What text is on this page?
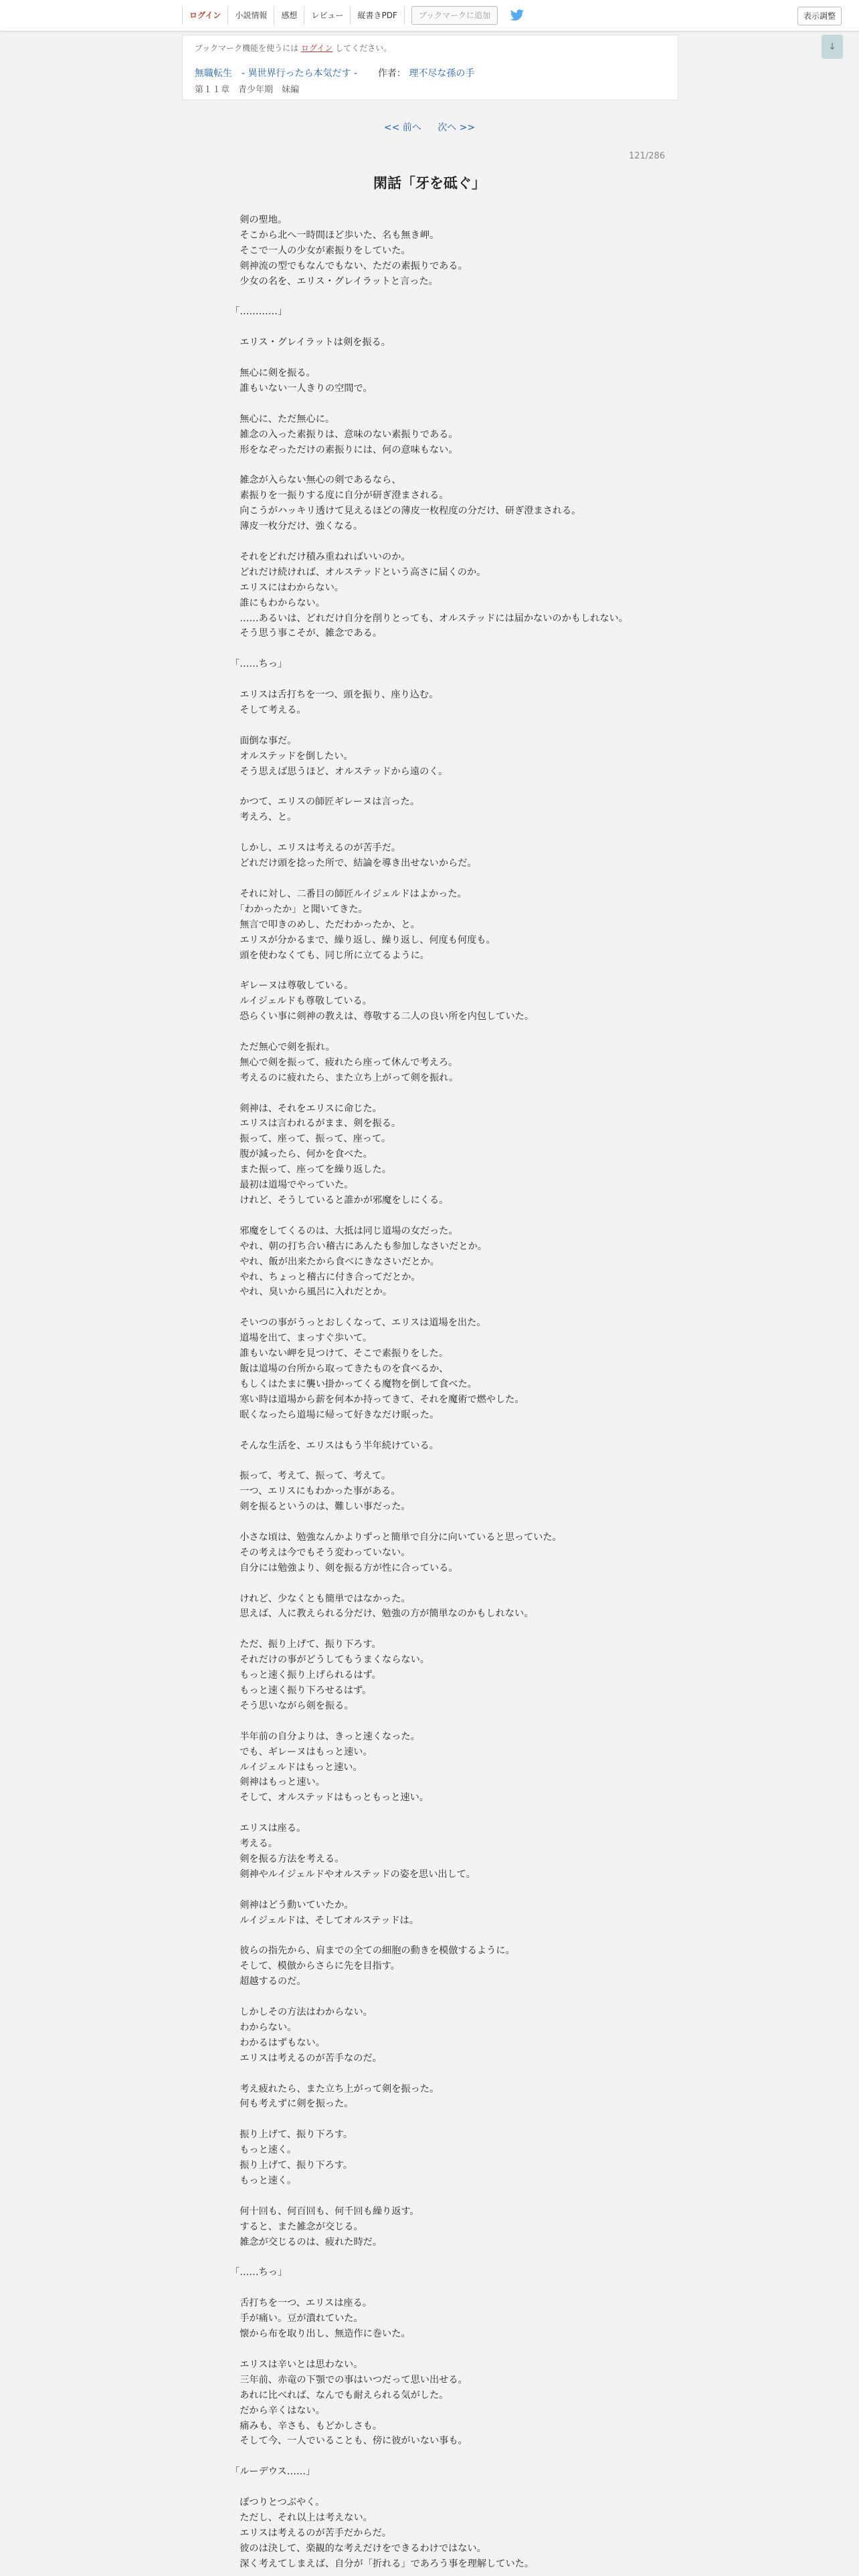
ログイン	小説情報	感想	レビュー	縦書きPDF	ブックマークに追加	表示調整
↓
ブックマーク機能を使うには ログイン してください。
無職転生　- 異世界行ったら本気だす - 作者： 理不尽な孫の手
第１１章　青少年期　妹編
<< 前へ 次へ >>
121/286
閑話「牙を砥ぐ」
　剣の聖地。
　そこから北へ一時間ほど歩いた、名も無き岬。
　そこで一人の少女が素振りをしていた。
　剣神流の型でもなんでもない、ただの素振りである。
　少女の名を、エリス・グレイラットと言った。

「…………」

　エリス・グレイラットは剣を振る。

　無心に剣を振る。
　誰もいない一人きりの空間で。

　無心に、ただ無心に。
　雑念の入った素振りは、意味のない素振りである。
　形をなぞっただけの素振りには、何の意味もない。

　雑念が入らない無心の剣であるなら、
　素振りを一振りする度に自分が研ぎ澄まされる。
　向こうがハッキリ透けて見えるほどの薄皮一枚程度の分だけ、研ぎ澄まされる。
　薄皮一枚分だけ、強くなる。

　それをどれだけ積み重ねればいいのか。
　どれだけ続ければ、オルステッドという高さに届くのか。
　エリスにはわからない。
　誰にもわからない。
　……あるいは、どれだけ自分を削りとっても、オルステッドには届かないのかもしれない。
　そう思う事こそが、雑念である。

「……ちっ」

　エリスは舌打ちを一つ、頭を振り、座り込む。
　そして考える。

　面倒な事だ。
　オルステッドを倒したい。
　そう思えば思うほど、オルステッドから遠のく。

　かつて、エリスの師匠ギレーヌは言った。
　考えろ、と。

　しかし、エリスは考えるのが苦手だ。
　どれだけ頭を捻った所で、結論を導き出せないからだ。

　それに対し、二番目の師匠ルイジェルドはよかった。
　「わかったか」と聞いてきた。
　無言で叩きのめし、ただわかったか、と。
　エリスが分かるまで、繰り返し、繰り返し、何度も何度も。
　頭を使わなくても、同じ所に立てるように。

　ギレーヌは尊敬している。
　ルイジェルドも尊敬している。
　恐らくい事に剣神の教えは、尊敬する二人の良い所を内包していた。

　ただ無心で剣を振れ。
　無心で剣を振って、疲れたら座って休んで考えろ。
　考えるのに疲れたら、また立ち上がって剣を振れ。

　剣神は、それをエリスに命じた。
　エリスは言われるがまま、剣を振る。
　振って、座って、振って、座って。
　腹が減ったら、何かを食べた。
　また振って、座ってを繰り返した。
　最初は道場でやっていた。
　けれど、そうしていると誰かが邪魔をしにくる。

　邪魔をしてくるのは、大抵は同じ道場の女だった。
　やれ、朝の打ち合い稽古にあんたも参加しなさいだとか。
　やれ、飯が出来たから食べにきなさいだとか。
　やれ、ちょっと稽古に付き合ってだとか。
　やれ、臭いから風呂に入れだとか。

　そいつの事がうっとおしくなって、エリスは道場を出た。
　道場を出て、まっすぐ歩いて。
　誰もいない岬を見つけて、そこで素振りをした。
　飯は道場の台所から取ってきたものを食べるか、
　もしくはたまに襲い掛かってくる魔物を倒して食べた。
　寒い時は道場から薪を何本か持ってきて、それを魔術で燃やした。
　眠くなったら道場に帰って好きなだけ眠った。

　そんな生活を、エリスはもう半年続けている。

　振って、考えて、振って、考えて。
　一つ、エリスにもわかった事がある。
　剣を振るというのは、難しい事だった。

　小さな頃は、勉強なんかよりずっと簡単で自分に向いていると思っていた。
　その考えは今でもそう変わっていない。
　自分には勉強より、剣を振る方が性に合っている。

　けれど、少なくとも簡単ではなかった。
　思えば、人に教えられる分だけ、勉強の方が簡単なのかもしれない。

　ただ、振り上げて、振り下ろす。
　それだけの事がどうしてもうまくならない。
　もっと速く振り上げられるはず。
　もっと速く振り下ろせるはず。
　そう思いながら剣を振る。

　半年前の自分よりは、きっと速くなった。
　でも、ギレーヌはもっと速い。
　ルイジェルドはもっと速い。
　剣神はもっと速い。
　そして、オルステッドはもっともっと速い。

　エリスは座る。
　考える。
　剣を振る方法を考える。
　剣神やルイジェルドやオルステッドの姿を思い出して。

　剣神はどう動いていたか。
　ルイジェルドは、そしてオルステッドは。

　彼らの指先から、肩までの全ての細胞の動きを模倣するように。
　そして、模倣からさらに先を目指す。
　超越するのだ。

　しかしその方法はわからない。
　わからない。
　わかるはずもない。
　エリスは考えるのが苦手なのだ。

　考え疲れたら、また立ち上がって剣を振った。
　何も考えずに剣を振った。

　振り上げて、振り下ろす。
　もっと速く。
　振り上げて、振り下ろす。
　もっと速く。

　何十回も、何百回も、何千回も繰り返す。
　すると、また雑念が交じる。
　雑念が交じるのは、疲れた時だ。

「……ちっ」

　舌打ちを一つ、エリスは座る。
　手が痛い。豆が潰れていた。
　懐から布を取り出し、無造作に巻いた。

　エリスは辛いとは思わない。
　三年前、赤竜の下顎での事はいつだって思い出せる。
　あれに比べれば、なんでも耐えられる気がした。
　だから辛くはない。
　痛みも、辛さも、もどかしさも。
　そして今、一人でいることも、傍に彼がいない事も。

「ルーデウス……」

　ぽつりとつぶやく。
　ただし、それ以上は考えない。
　エリスは考えるのが苦手だからだ。
　彼のは決して、楽観的な考えだけをできるわけではない。
　深く考えてしまえば、自分が「折れる」であろう事を理解していた。
